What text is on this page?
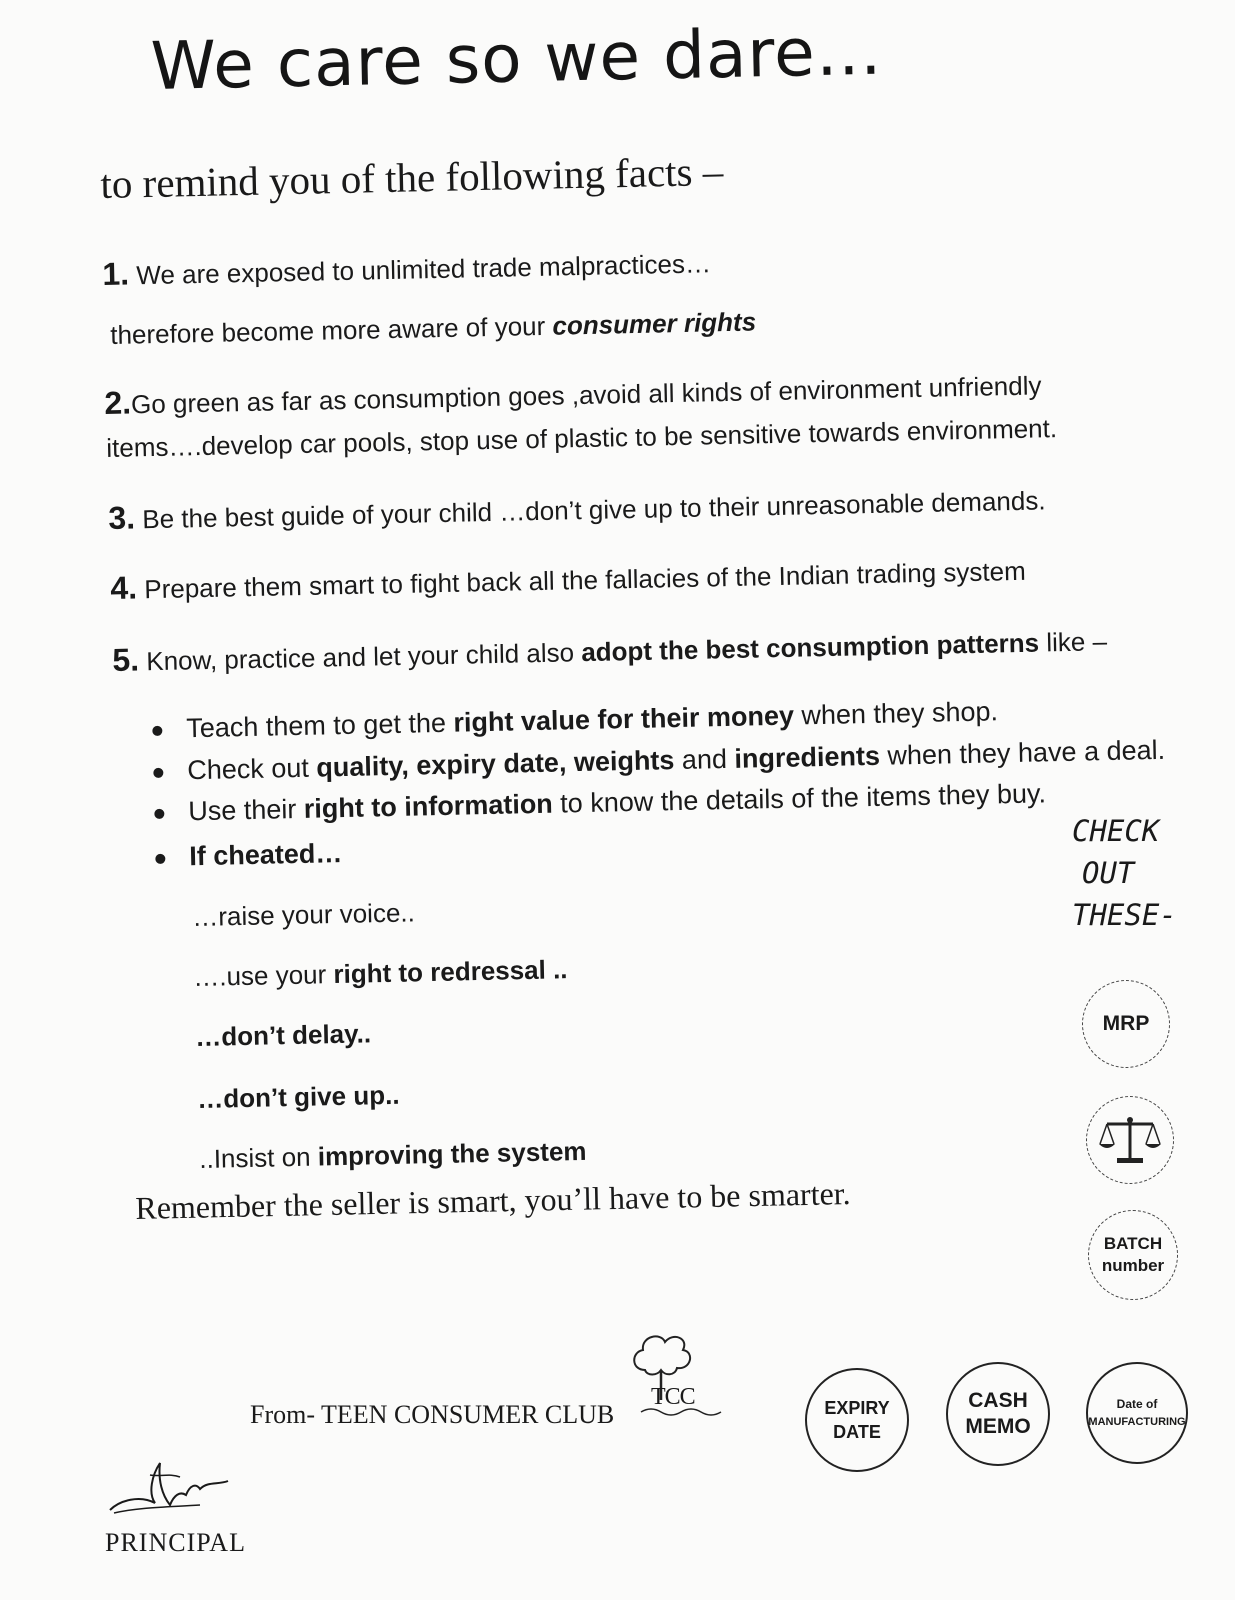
We care so we dare…
to remind you of the following facts –
1. We are exposed to unlimited trade malpractices…
therefore become more aware of your consumer rights
2.Go green as far as consumption goes ,avoid all kinds of environment unfriendly
items….develop car pools, stop use of plastic to be sensitive towards environment.
3. Be the best guide of your child …don’t give up to their unreasonable demands.
4. Prepare them smart to fight back all the fallacies of the Indian trading system
5. Know, practice and let your child also adopt the best consumption patterns like –
Teach them to get the right value for their money when they shop.
Check out quality, expiry date, weights and ingredients when they have a deal.
Use their right to information to know the details of the items they buy.
If cheated…
…raise your voice..
….use your right to redressal ..
…don’t delay..
…don’t give up..
..Insist on improving the system
Remember the seller is smart, you’ll have to be smarter.
CHECK
OUT
THESE-
MRP
BATCH
number
EXPIRY
DATE
CASH
MEMO
Date of
MANUFACTURING
From- TEEN CONSUMER CLUB
TCC
PRINCIPAL
